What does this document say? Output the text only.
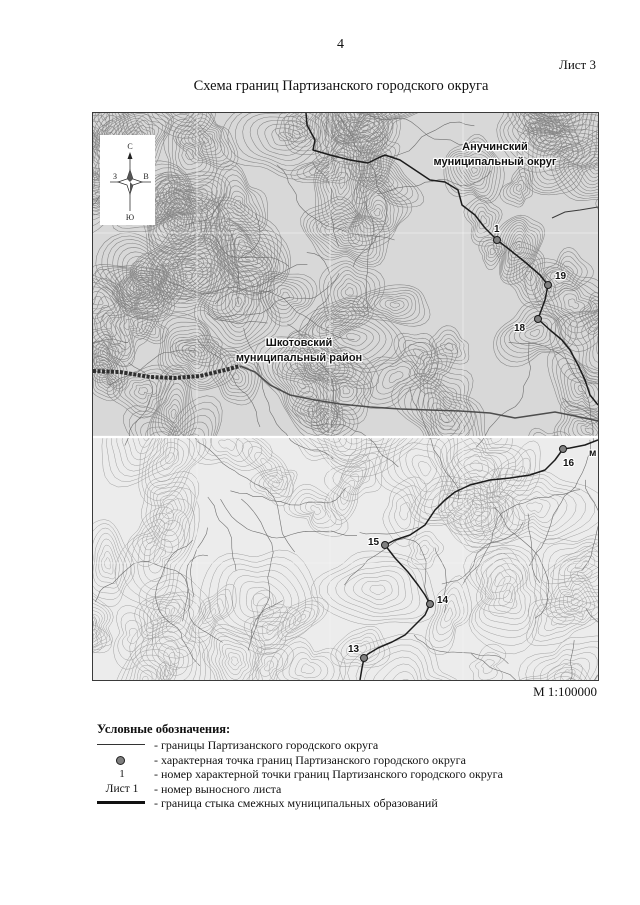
4
Лист 3
Схема границ Партизанского городского округа
С
Ю
З	В
1
19
18
16
15
14
13
м
Анучинский
муниципальный округ
Шкотовский
муниципальный район
М 1:100000
Условные обозначения:
- границы Партизанского городского округа
- характерная точка границ Партизанского городского округа
1	- номер характерной точки границ Партизанского городского округа
Лист 1	- номер выносного листа
- граница стыка смежных муниципальных образований
